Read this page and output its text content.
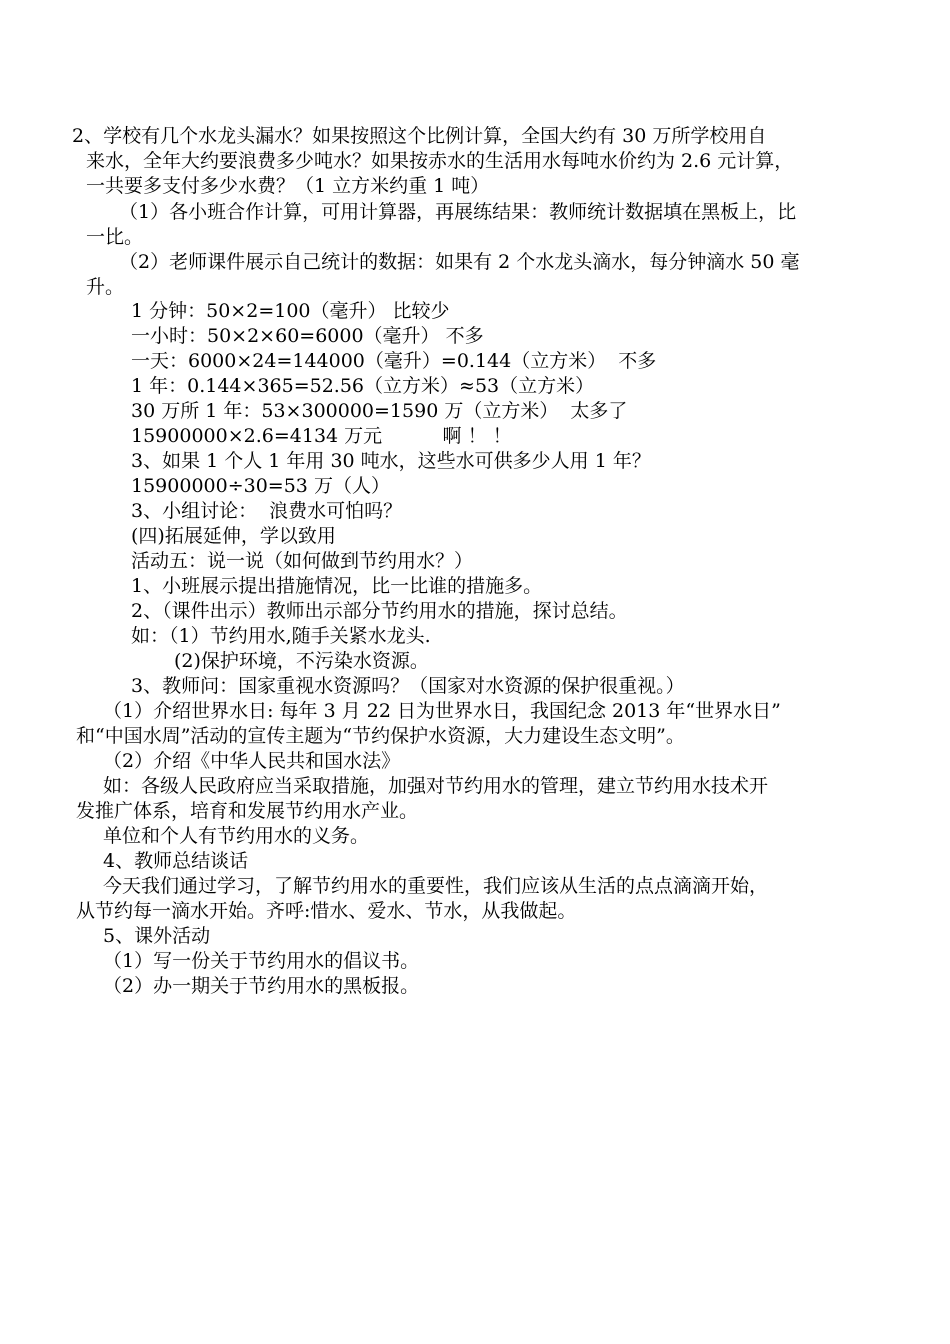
2、学校有几个水龙头漏水？如果按照这个比例计算，全国大约有 30 万所学校用自
来水，全年大约要浪费多少吨水？如果按赤水的生活用水每吨水价约为 2.6 元计算，
一共要多支付多少水费？（1 立方米约重 1 吨）
（1）各小班合作计算，可用计算器，再展练结果：教师统计数据填在黑板上，比
一比。
（2）老师课件展示自己统计的数据：如果有 2 个水龙头滴水，每分钟滴水 50 毫
升。
1 分钟：50×2=100（毫升） 比较少
一小时：50×2×60=6000（毫升） 不多
一天：6000×24=144000（毫升）=0.144（立方米）  不多
1 年：0.144×365=52.56（立方米）≈53（立方米）
30 万所 1 年：53×300000=1590 万（立方米）  太多了
15900000×2.6=4134 万元          啊 ！ ！
3、如果 1 个人 1 年用 30 吨水，这些水可供多少人用 1 年？
15900000÷30=53 万（人）
3、小组讨论：  浪费水可怕吗？
(四)拓展延伸，学以致用
活动五：说一说（如何做到节约用水？）
1、小班展示提出措施情况，比一比谁的措施多。
2、（课件出示）教师出示部分节约用水的措施，探讨总结。
如：（1）节约用水,随手关紧水龙头.
(2)保护环境，不污染水资源。
3、教师问：国家重视水资源吗？（国家对水资源的保护很重视。）
（1）介绍世界水日: 每年 3 月 22 日为世界水日，我国纪念 2013 年“世界水日”
和“中国水周”活动的宣传主题为“节约保护水资源，大力建设生态文明”。
（2）介绍《中华人民共和国水法》
如：各级人民政府应当采取措施，加强对节约用水的管理，建立节约用水技术开
发推广体系，培育和发展节约用水产业。
单位和个人有节约用水的义务。
4、教师总结谈话
今天我们通过学习，了解节约用水的重要性，我们应该从生活的点点滴滴开始，
从节约每一滴水开始。齐呼:惜水、爱水、节水，从我做起。
5、课外活动
（1）写一份关于节约用水的倡议书。
（2）办一期关于节约用水的黑板报。
